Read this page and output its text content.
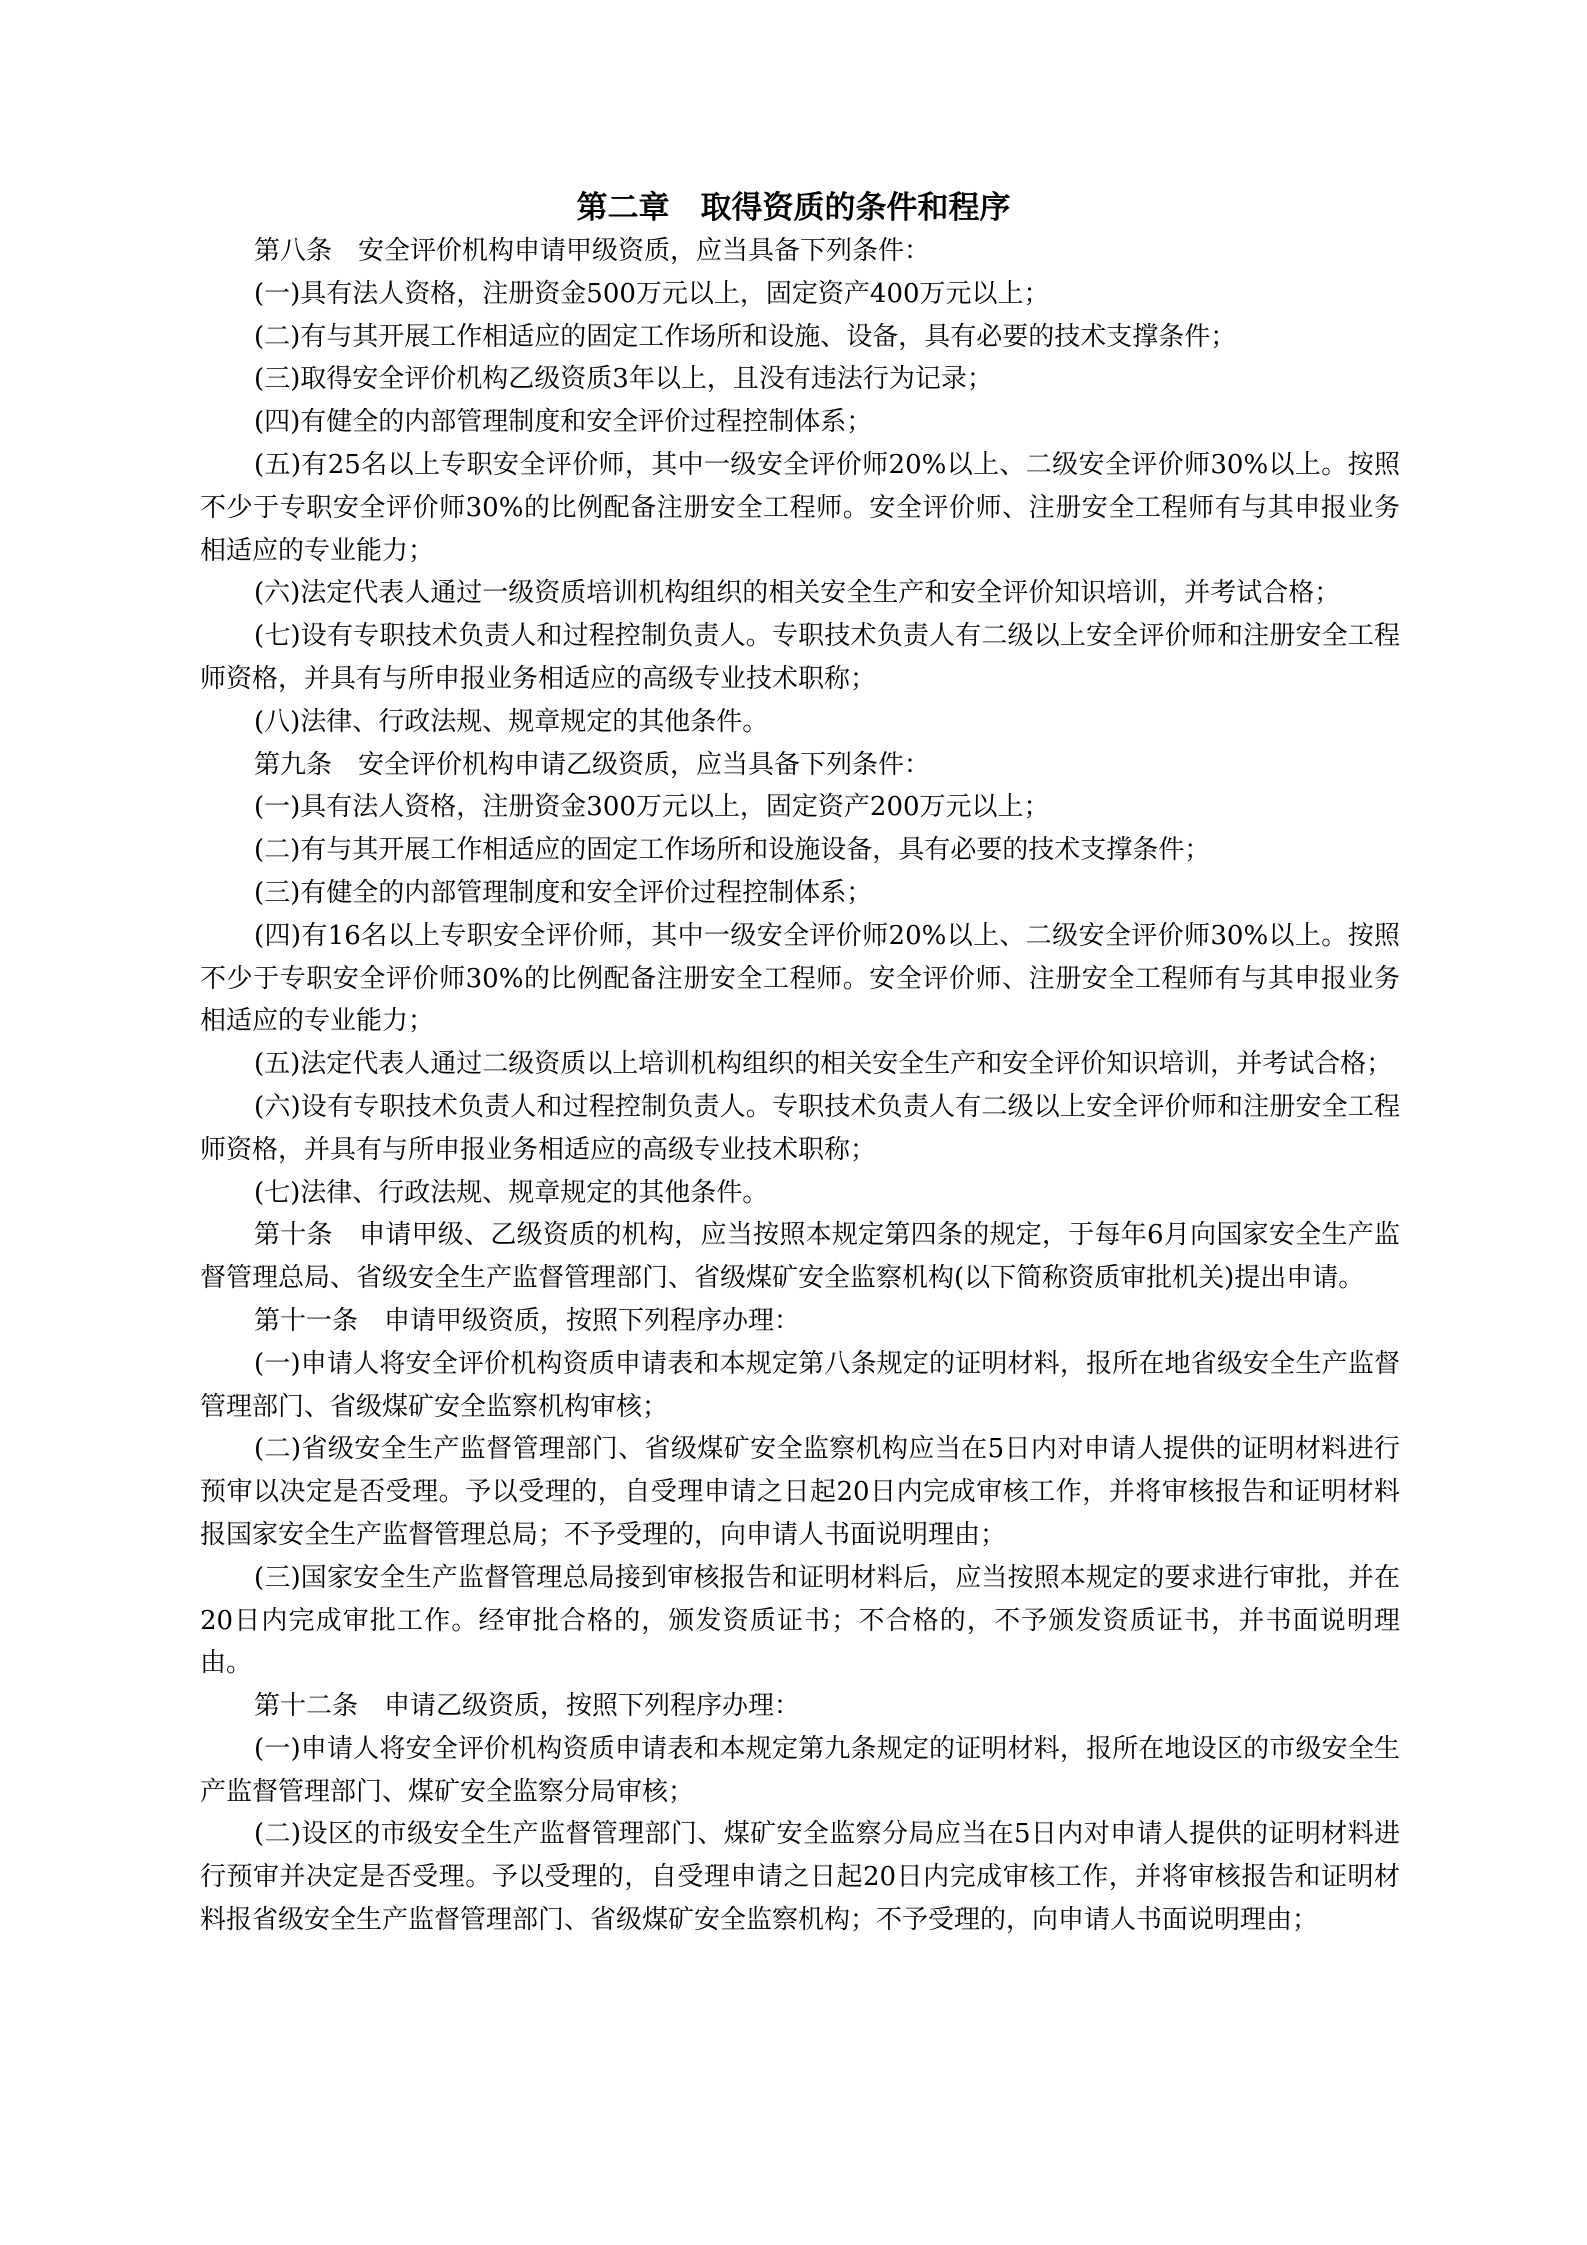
第二章　取得资质的条件和程序

第八条　安全评价机构申请甲级资质，应当具备下列条件：

(一)具有法人资格，注册资金500万元以上，固定资产400万元以上；

(二)有与其开展工作相适应的固定工作场所和设施、设备，具有必要的技术支撑条件；

(三)取得安全评价机构乙级资质3年以上，且没有违法行为记录；

(四)有健全的内部管理制度和安全评价过程控制体系；

(五)有25名以上专职安全评价师，其中一级安全评价师20%以上、二级安全评价师30%以上。按照不少于专职安全评价师30%的比例配备注册安全工程师。安全评价师、注册安全工程师有与其申报业务相适应的专业能力；

(六)法定代表人通过一级资质培训机构组织的相关安全生产和安全评价知识培训，并考试合格；

(七)设有专职技术负责人和过程控制负责人。专职技术负责人有二级以上安全评价师和注册安全工程师资格，并具有与所申报业务相适应的高级专业技术职称；

(八)法律、行政法规、规章规定的其他条件。

第九条　安全评价机构申请乙级资质，应当具备下列条件：

(一)具有法人资格，注册资金300万元以上，固定资产200万元以上；

(二)有与其开展工作相适应的固定工作场所和设施设备，具有必要的技术支撑条件；

(三)有健全的内部管理制度和安全评价过程控制体系；

(四)有16名以上专职安全评价师，其中一级安全评价师20%以上、二级安全评价师30%以上。按照不少于专职安全评价师30%的比例配备注册安全工程师。安全评价师、注册安全工程师有与其申报业务相适应的专业能力；

(五)法定代表人通过二级资质以上培训机构组织的相关安全生产和安全评价知识培训，并考试合格；

(六)设有专职技术负责人和过程控制负责人。专职技术负责人有二级以上安全评价师和注册安全工程师资格，并具有与所申报业务相适应的高级专业技术职称；

(七)法律、行政法规、规章规定的其他条件。

第十条　申请甲级、乙级资质的机构，应当按照本规定第四条的规定，于每年6月向国家安全生产监督管理总局、省级安全生产监督管理部门、省级煤矿安全监察机构(以下简称资质审批机关)提出申请。

第十一条　申请甲级资质，按照下列程序办理：

(一)申请人将安全评价机构资质申请表和本规定第八条规定的证明材料，报所在地省级安全生产监督管理部门、省级煤矿安全监察机构审核；

(二)省级安全生产监督管理部门、省级煤矿安全监察机构应当在5日内对申请人提供的证明材料进行预审以决定是否受理。予以受理的，自受理申请之日起20日内完成审核工作，并将审核报告和证明材料报国家安全生产监督管理总局；不予受理的，向申请人书面说明理由；

(三)国家安全生产监督管理总局接到审核报告和证明材料后，应当按照本规定的要求进行审批，并在20日内完成审批工作。经审批合格的，颁发资质证书；不合格的，不予颁发资质证书，并书面说明理由。

第十二条　申请乙级资质，按照下列程序办理：

(一)申请人将安全评价机构资质申请表和本规定第九条规定的证明材料，报所在地设区的市级安全生产监督管理部门、煤矿安全监察分局审核；

(二)设区的市级安全生产监督管理部门、煤矿安全监察分局应当在5日内对申请人提供的证明材料进行预审并决定是否受理。予以受理的，自受理申请之日起20日内完成审核工作，并将审核报告和证明材料报省级安全生产监督管理部门、省级煤矿安全监察机构；不予受理的，向申请人书面说明理由；
